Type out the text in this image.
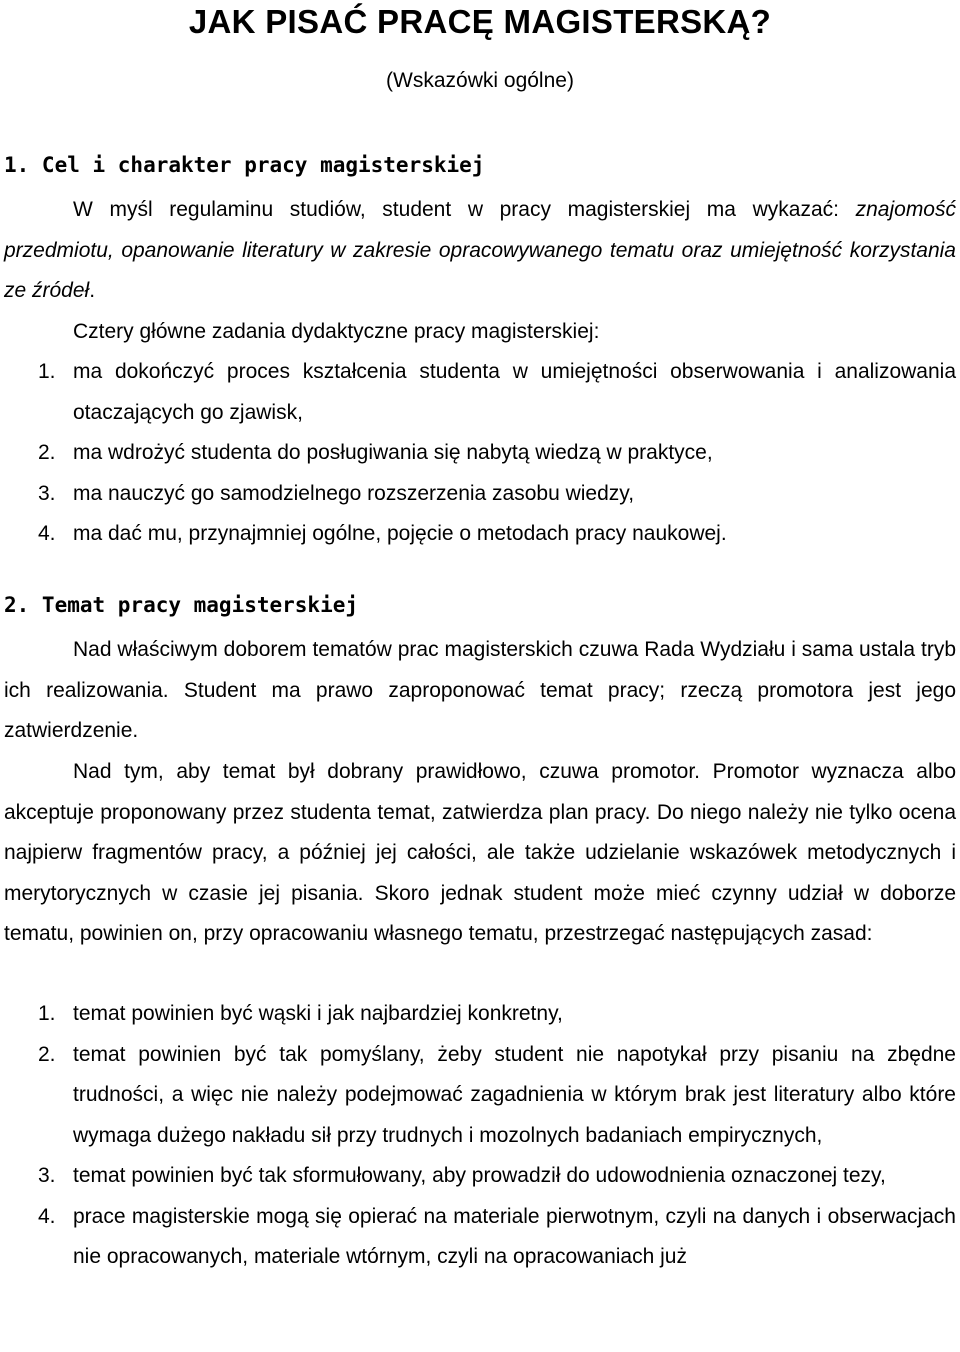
JAK PISAĆ PRACĘ MAGISTERSKĄ?
(Wskazówki ogólne)
1. Cel i charakter pracy magisterskiej

W myśl regulaminu studiów, student w pracy magisterskiej ma wykazać: znajomość przedmiotu, opanowanie literatury w zakresie opracowywanego tematu oraz umiejętność korzystania ze źródeł.

Cztery główne zadania dydaktyczne pracy magisterskiej:

1. ma dokończyć proces kształcenia studenta w umiejętności obserwowania i analizowania otaczających go zjawisk,
2. ma wdrożyć studenta do posługiwania się nabytą wiedzą w praktyce,
3. ma nauczyć go samodzielnego rozszerzenia zasobu wiedzy,
4. ma dać mu, przynajmniej ogólne, pojęcie o metodach pracy naukowej.
2. Temat pracy magisterskiej

Nad właściwym doborem tematów prac magisterskich czuwa Rada Wydziału i sama ustala tryb ich realizowania. Student ma prawo zaproponować temat pracy; rzeczą promotora jest jego zatwierdzenie.

Nad tym, aby temat był dobrany prawidłowo, czuwa promotor. Promotor wyznacza albo akceptuje proponowany przez studenta temat, zatwierdza plan pracy. Do niego należy nie tylko ocena najpierw fragmentów pracy, a później jej całości, ale także udzielanie wskazówek metodycznych i merytorycznych w czasie jej pisania. Skoro jednak student może mieć czynny udział w doborze tematu, powinien on, przy opracowaniu własnego tematu, przestrzegać następujących zasad:

1. temat powinien być wąski i jak najbardziej konkretny,
2. temat powinien być tak pomyślany, żeby student nie napotykał przy pisaniu na zbędne trudności, a więc nie należy podejmować zagadnienia w którym brak jest literatury albo które wymaga dużego nakładu sił przy trudnych i mozolnych badaniach empirycznych,
3. temat powinien być tak sformułowany, aby prowadził do udowodnienia oznaczonej tezy,
4. prace magisterskie mogą się opierać na materiale pierwotnym, czyli na danych i obserwacjach nie opracowanych, materiale wtórnym, czyli na opracowaniach już
